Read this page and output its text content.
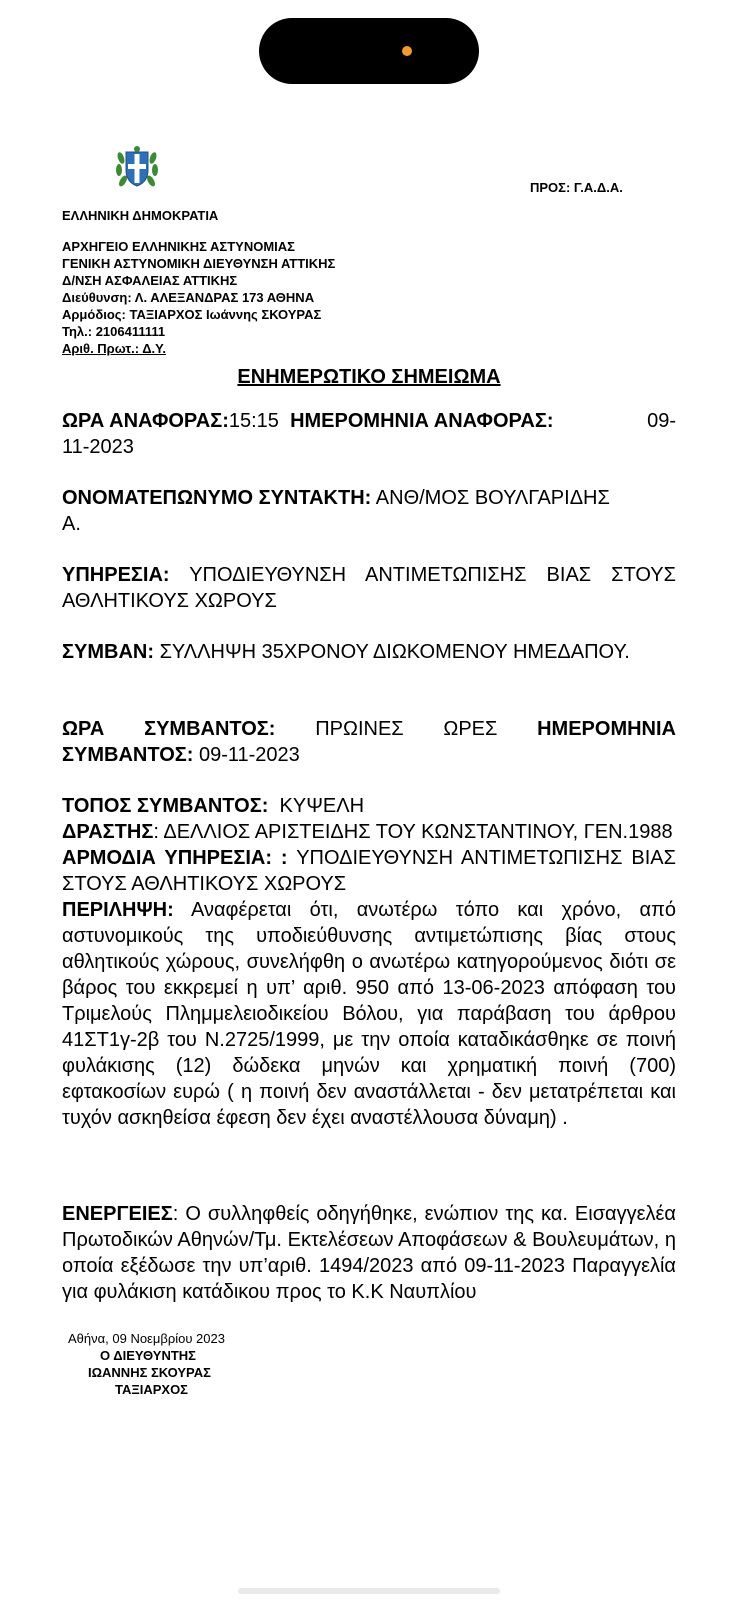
ΠΡΟΣ: Γ.Α.Δ.Α.
ΕΛΛΗΝΙΚΗ ΔΗΜΟΚΡΑΤΙΑ
ΑΡΧΗΓΕΙΟ ΕΛΛΗΝΙΚΗΣ ΑΣΤΥΝΟΜΙΑΣ
ΓΕΝΙΚΗ ΑΣΤΥΝΟΜΙΚΗ ΔΙΕΥΘΥΝΣΗ ΑΤΤΙΚΗΣ
Δ/ΝΣΗ ΑΣΦΑΛΕΙΑΣ ΑΤΤΙΚΗΣ
Διεύθυνση: Λ. ΑΛΕΞΑΝΔΡΑΣ 173 ΑΘΗΝΑ
Αρμόδιος: ΤΑΞΙΑΡΧΟΣ Ιωάννης ΣΚΟΥΡΑΣ
Τηλ.: 2106411111
Αριθ. Πρωτ.: Δ.Υ.
ΕΝΗΜΕΡΩΤΙΚΟ ΣΗΜΕΙΩΜΑ
ΩΡΑ ΑΝΑΦΟΡΑΣ:15:15 ΗΜΕΡΟΜΗΝΙΑ ΑΝΑΦΟΡΑΣ:	09-
11-2023
ΟΝΟΜΑΤΕΠΩΝΥΜΟ ΣΥΝΤΑΚΤΗ: ΑΝΘ/ΜΟΣ ΒΟΥΛΓΑΡΙΔΗΣ
Α.
ΥΠΗΡΕΣΙΑ: ΥΠΟΔΙΕΥΘΥΝΣΗ ΑΝΤΙΜΕΤΩΠΙΣΗΣ ΒΙΑΣ ΣΤΟΥΣ ΑΘΛΗΤΙΚΟΥΣ ΧΩΡΟΥΣ
ΣΥΜΒΑΝ: ΣΥΛΛΗΨΗ 35ΧΡΟΝΟΥ ΔΙΩΚΟΜΕΝΟΥ ΗΜΕΔΑΠΟΥ.
ΩΡΑ ΣΥΜΒΑΝΤΟΣ: ΠΡΩΙΝΕΣ ΩΡΕΣ ΗΜΕΡΟΜΗΝΙΑ ΣΥΜΒΑΝΤΟΣ: 09-11-2023
ΤΟΠΟΣ ΣΥΜΒΑΝΤΟΣ: ΚΥΨΕΛΗ
ΔΡΑΣΤΗΣ: ΔΕΛΛΙΟΣ ΑΡΙΣΤΕΙΔΗΣ ΤΟΥ ΚΩΝΣΤΑΝΤΙΝΟΥ, ΓΕΝ.1988
ΑΡΜΟΔΙΑ ΥΠΗΡΕΣΙΑ: : ΥΠΟΔΙΕΥΘΥΝΣΗ ΑΝΤΙΜΕΤΩΠΙΣΗΣ ΒΙΑΣ ΣΤΟΥΣ ΑΘΛΗΤΙΚΟΥΣ ΧΩΡΟΥΣ
ΠΕΡΙΛΗΨΗ: Αναφέρεται ότι, ανωτέρω τόπο και χρόνο, από αστυνομικούς της υποδιεύθυνσης αντιμετώπισης βίας στους αθλητικούς χώρους, συνελήφθη ο ανωτέρω κατηγορούμενος διότι σε βάρος του εκκρεμεί η υπ’ αριθ. 950 από 13-06-2023 απόφαση του Τριμελούς Πλημμελειοδικείου Βόλου, για παράβαση του άρθρου 41ΣΤ1γ-2β του Ν.2725/1999, με την οποία καταδικάσθηκε σε ποινή φυλάκισης (12) δώδεκα μηνών και χρηματική ποινή (700) εφτακοσίων ευρώ ( η ποινή δεν αναστάλλεται - δεν μετατρέπεται και τυχόν ασκηθείσα έφεση δεν έχει αναστέλλουσα δύναμη) .
ΕΝΕΡΓΕΙΕΣ: Ο συλληφθείς οδηγήθηκε, ενώπιον της κα. Εισαγγελέα Πρωτοδικών Αθηνών/Τμ. Εκτελέσεων Αποφάσεων & Βουλευμάτων, η οποία εξέδωσε την υπ’αριθ. 1494/2023 από 09-11-2023 Παραγγελία για φυλάκιση κατάδικου προς το Κ.Κ Ναυπλίου
Αθήνα, 09 Νοεμβρίου 2023
Ο ΔΙΕΥΘΥΝΤΗΣ
ΙΩΑΝΝΗΣ ΣΚΟΥΡΑΣ
ΤΑΞΙΑΡΧΟΣ
